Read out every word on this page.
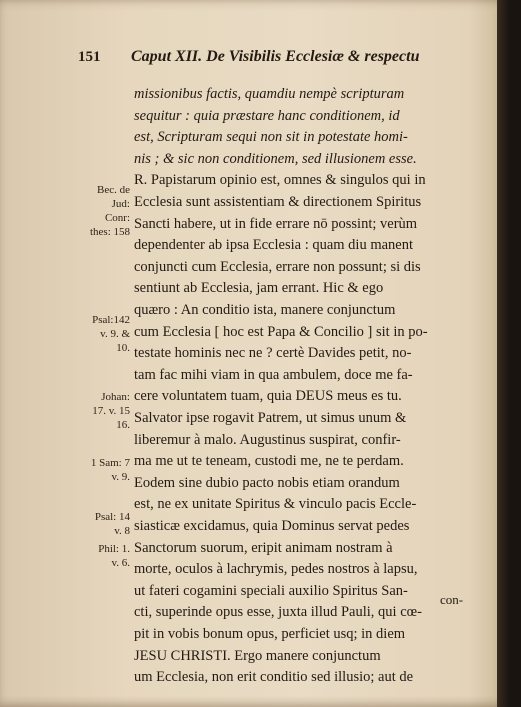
151 Caput XII. De Visibilis Ecclesiæ & respectu
Bec. de
Jud:
Conr:
thes: 158
Psal:142
v. 9. &
10.
Johan:
17. v. 15
16.
1 Sam: 7
v. 9.
Psal: 14
v. 8
Phil: 1.
v. 6.
missionibus factis, quamdiu nempè scripturam
sequitur : quia præstare hanc conditionem, id
est, Scripturam sequi non sit in potestate homi-
nis ; & sic non conditionem, sed illusionem esse.
R. Papistarum opinio est, omnes & singulos qui in
Ecclesia sunt assistentiam & directionem Spiritus
Sancti habere, ut in fide errare nō possint; verùm
dependenter ab ipsa Ecclesia : quam diu manent
conjuncti cum Ecclesia, errare non possunt; si dis
sentiunt ab Ecclesia, jam errant. Hic & ego
quæro : An conditio ista, manere conjunctum
cum Ecclesia [ hoc est Papa & Concilio ] sit in po-
testate hominis nec ne ? certè Davides petit, no-
tam fac mihi viam in qua ambulem, doce me fa-
cere voluntatem tuam, quia DEUS meus es tu.
Salvator ipse rogavit Patrem, ut simus unum &
liberemur à malo. Augustinus suspirat, confir-
ma me ut te teneam, custodi me, ne te perdam.
Eodem sine dubio pacto nobis etiam orandum
est, ne ex unitate Spiritus & vinculo pacis Eccle-
siasticæ excidamus, quia Dominus servat pedes
Sanctorum suorum, eripit animam nostram à
morte, oculos à lachrymis, pedes nostros à lapsu,
ut fateri cogamini speciali auxilio Spiritus San-
cti, superinde opus esse, juxta illud Pauli, qui cœ-
pit in vobis bonum opus, perficiet usq; in diem
JESU CHRISTI. Ergo manere conjunctum
um Ecclesia, non erit conditio sed illusio; aut de
con-
